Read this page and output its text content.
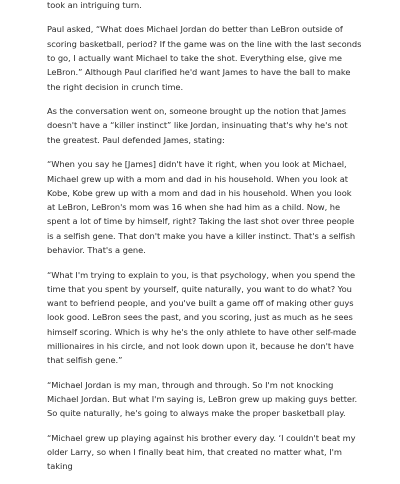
took an intriguing turn.

Paul asked, “What does Michael Jordan do better than LeBron outside of scoring basketball, period? If the game was on the line with the last seconds to go, I actually want Michael to take the shot. Everything else, give me LeBron.” Although Paul clarified he'd want James to have the ball to make the right decision in crunch time.

As the conversation went on, someone brought up the notion that James doesn't have a “killer instinct” like Jordan, insinuating that's why he's not the greatest. Paul defended James, stating:

“When you say he [James] didn't have it right, when you look at Michael, Michael grew up with a mom and dad in his household. When you look at Kobe, Kobe grew up with a mom and dad in his household. When you look at LeBron, LeBron's mom was 16 when she had him as a child. Now, he spent a lot of time by himself, right? Taking the last shot over three people is a selfish gene. That don't make you have a killer instinct. That's a selfish behavior. That's a gene.

“What I'm trying to explain to you, is that psychology, when you spend the time that you spent by yourself, quite naturally, you want to do what? You want to befriend people, and you've built a game off of making other guys look good. LeBron sees the past, and you scoring, just as much as he sees himself scoring. Which is why he's the only athlete to have other self-made millionaires in his circle, and not look down upon it, because he don't have that selfish gene.”

“Michael Jordan is my man, through and through. So I'm not knocking Michael Jordan. But what I'm saying is, LeBron grew up making guys better. So quite naturally, he's going to always make the proper basketball play.

“Michael grew up playing against his brother every day. ‘I couldn't beat my older Larry, so when I finally beat him, that created no matter what, I'm taking
